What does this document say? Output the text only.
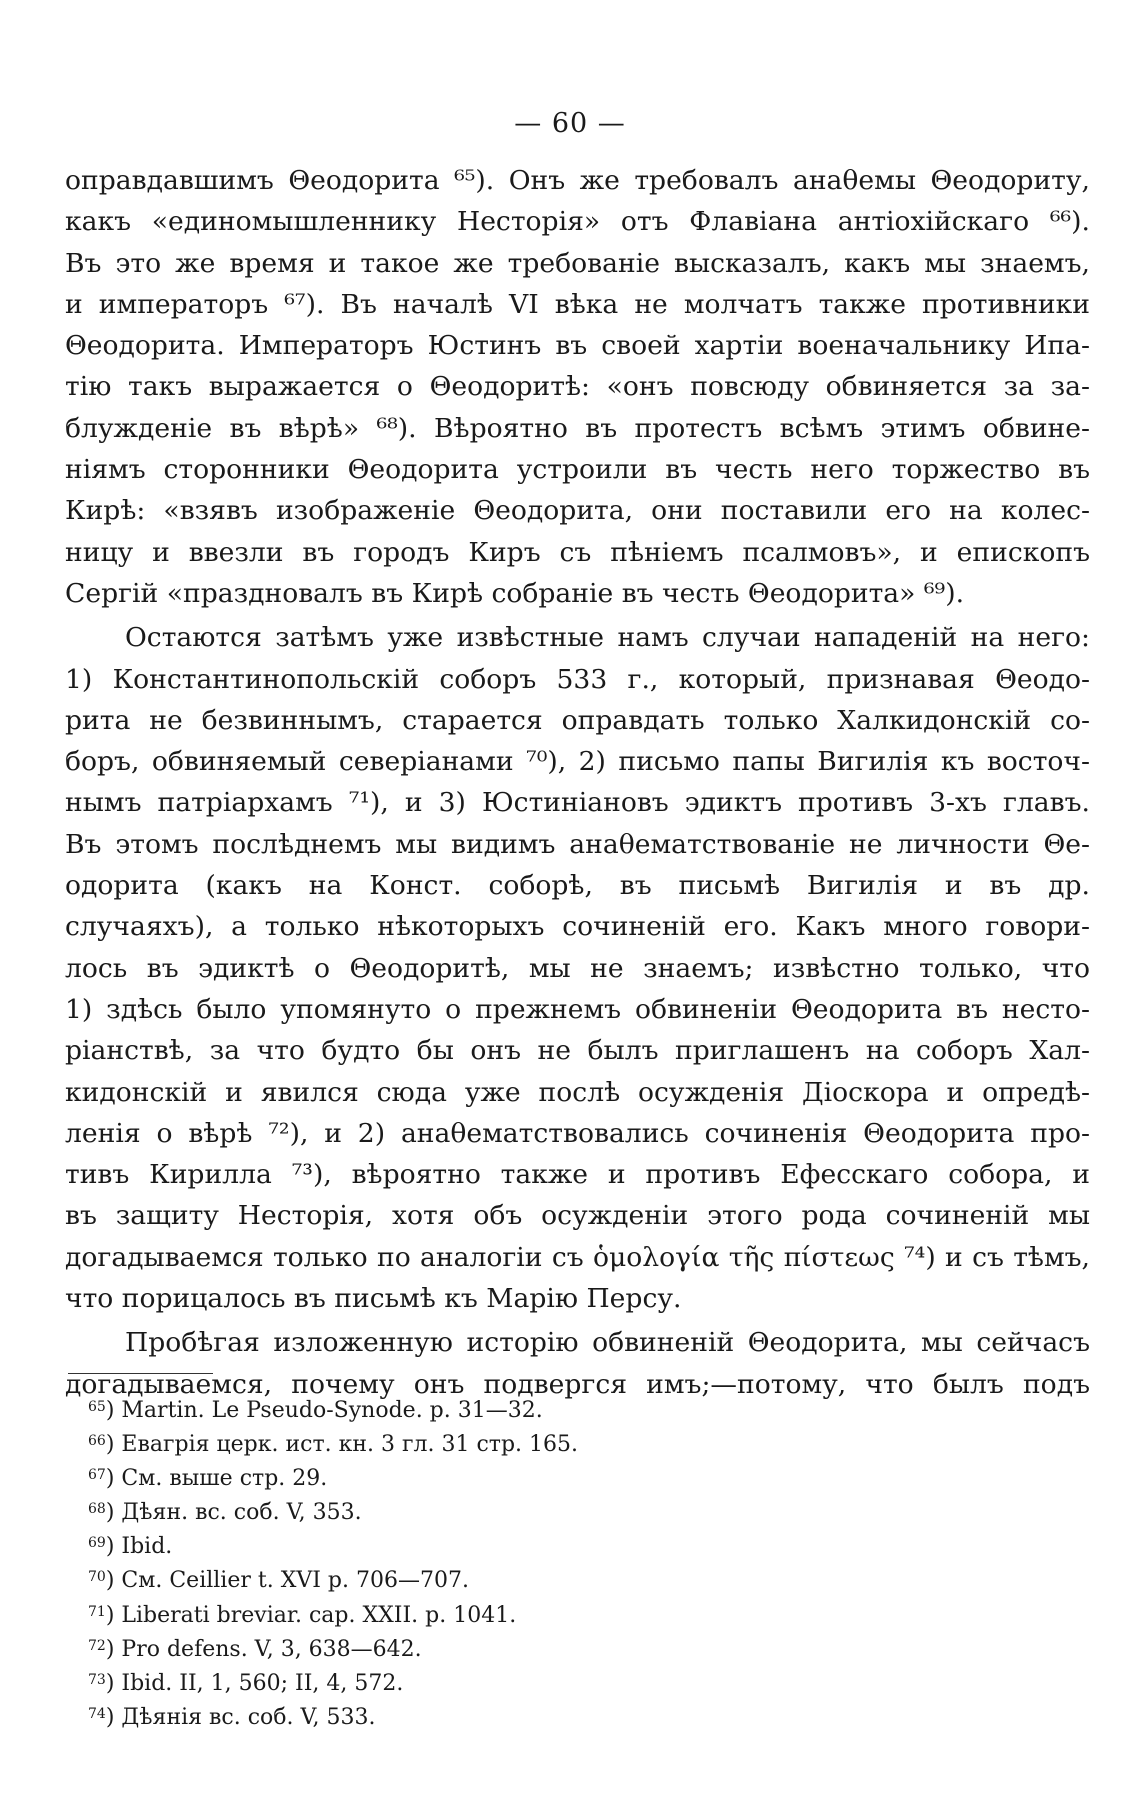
— 60 —
оправдавшимъ Θеодорита ⁶⁵). Онъ же требовалъ анаθемы Θеодориту,
какъ «единомышленнику Несторія» отъ Флавіана антіохійскаго ⁶⁶).
Въ это же время и такое же требованіе высказалъ, какъ мы знаемъ,
и императоръ ⁶⁷). Въ началѣ VI вѣка не молчатъ также противники
Θеодорита. Императоръ Юстинъ въ своей хартіи военачальнику Ипа-
тію такъ выражается о Θеодоритѣ: «онъ повсюду обвиняется за за-
блужденіе въ вѣрѣ» ⁶⁸). Вѣроятно въ протестъ всѣмъ этимъ обвине-
ніямъ сторонники Θеодорита устроили въ честь него торжество въ
Кирѣ: «взявъ изображеніе Θеодорита, они поставили его на колес-
ницу и ввезли въ городъ Киръ съ пѣніемъ псалмовъ», и епископъ
Сергій «праздновалъ въ Кирѣ собраніе въ честь Θеодорита» ⁶⁹).
Остаются затѣмъ уже извѣстные намъ случаи нападеній на него:
1) Константинопольскій соборъ 533 г., который, признавая Θеодо-
рита не безвиннымъ, старается оправдать только Халкидонскій со-
боръ, обвиняемый северіанами ⁷⁰), 2) письмо папы Вигилія къ восточ-
нымъ патріархамъ ⁷¹), и 3) Юстиніановъ эдиктъ противъ 3-хъ главъ.
Въ этомъ послѣднемъ мы видимъ анаθематствованіе не личности Θе-
одорита (какъ на Конст. соборѣ, въ письмѣ Вигилія и въ др.
случаяхъ), а только нѣкоторыхъ сочиненій его. Какъ много говори-
лось въ эдиктѣ о Θеодоритѣ, мы не знаемъ; извѣстно только, что
1) здѣсь было упомянуто о прежнемъ обвиненіи Θеодорита въ несто-
ріанствѣ, за что будто бы онъ не былъ приглашенъ на соборъ Хал-
кидонскій и явился сюда уже послѣ осужденія Діоскора и опредѣ-
ленія о вѣрѣ ⁷²), и 2) анаθематствовались сочиненія Θеодорита про-
тивъ Кирилла ⁷³), вѣроятно также и противъ Ефесскаго собора, и
въ защиту Несторія, хотя объ осужденіи этого рода сочиненій мы
догадываемся только по аналогіи съ ὁμολογία τῆς πίστεως ⁷⁴) и съ тѣмъ,
что порицалось въ письмѣ къ Марію Персу.
Пробѣгая изложенную исторію обвиненій Θеодорита, мы сейчасъ
догадываемся, почему онъ подвергся имъ;—потому, что былъ подъ
$^{65}$) Martin. Le Pseudo-Synode. p. 31—32.
$^{66}$) Евагрія церк. ист. кн. 3 гл. 31 стр. 165.
$^{67}$) См. выше стр. 29.
$^{68}$) Дѣян. вс. соб. V, 353.
$^{69}$) Ibid.
$^{70}$) См. Ceillier t. XVI p. 706—707.
$^{71}$) Liberati breviar. cap. XXII. p. 1041.
$^{72}$) Pro defens. V, 3, 638—642.
$^{73}$) Ibid. II, 1, 560; II, 4, 572.
$^{74}$) Дѣянія вс. соб. V, 533.
